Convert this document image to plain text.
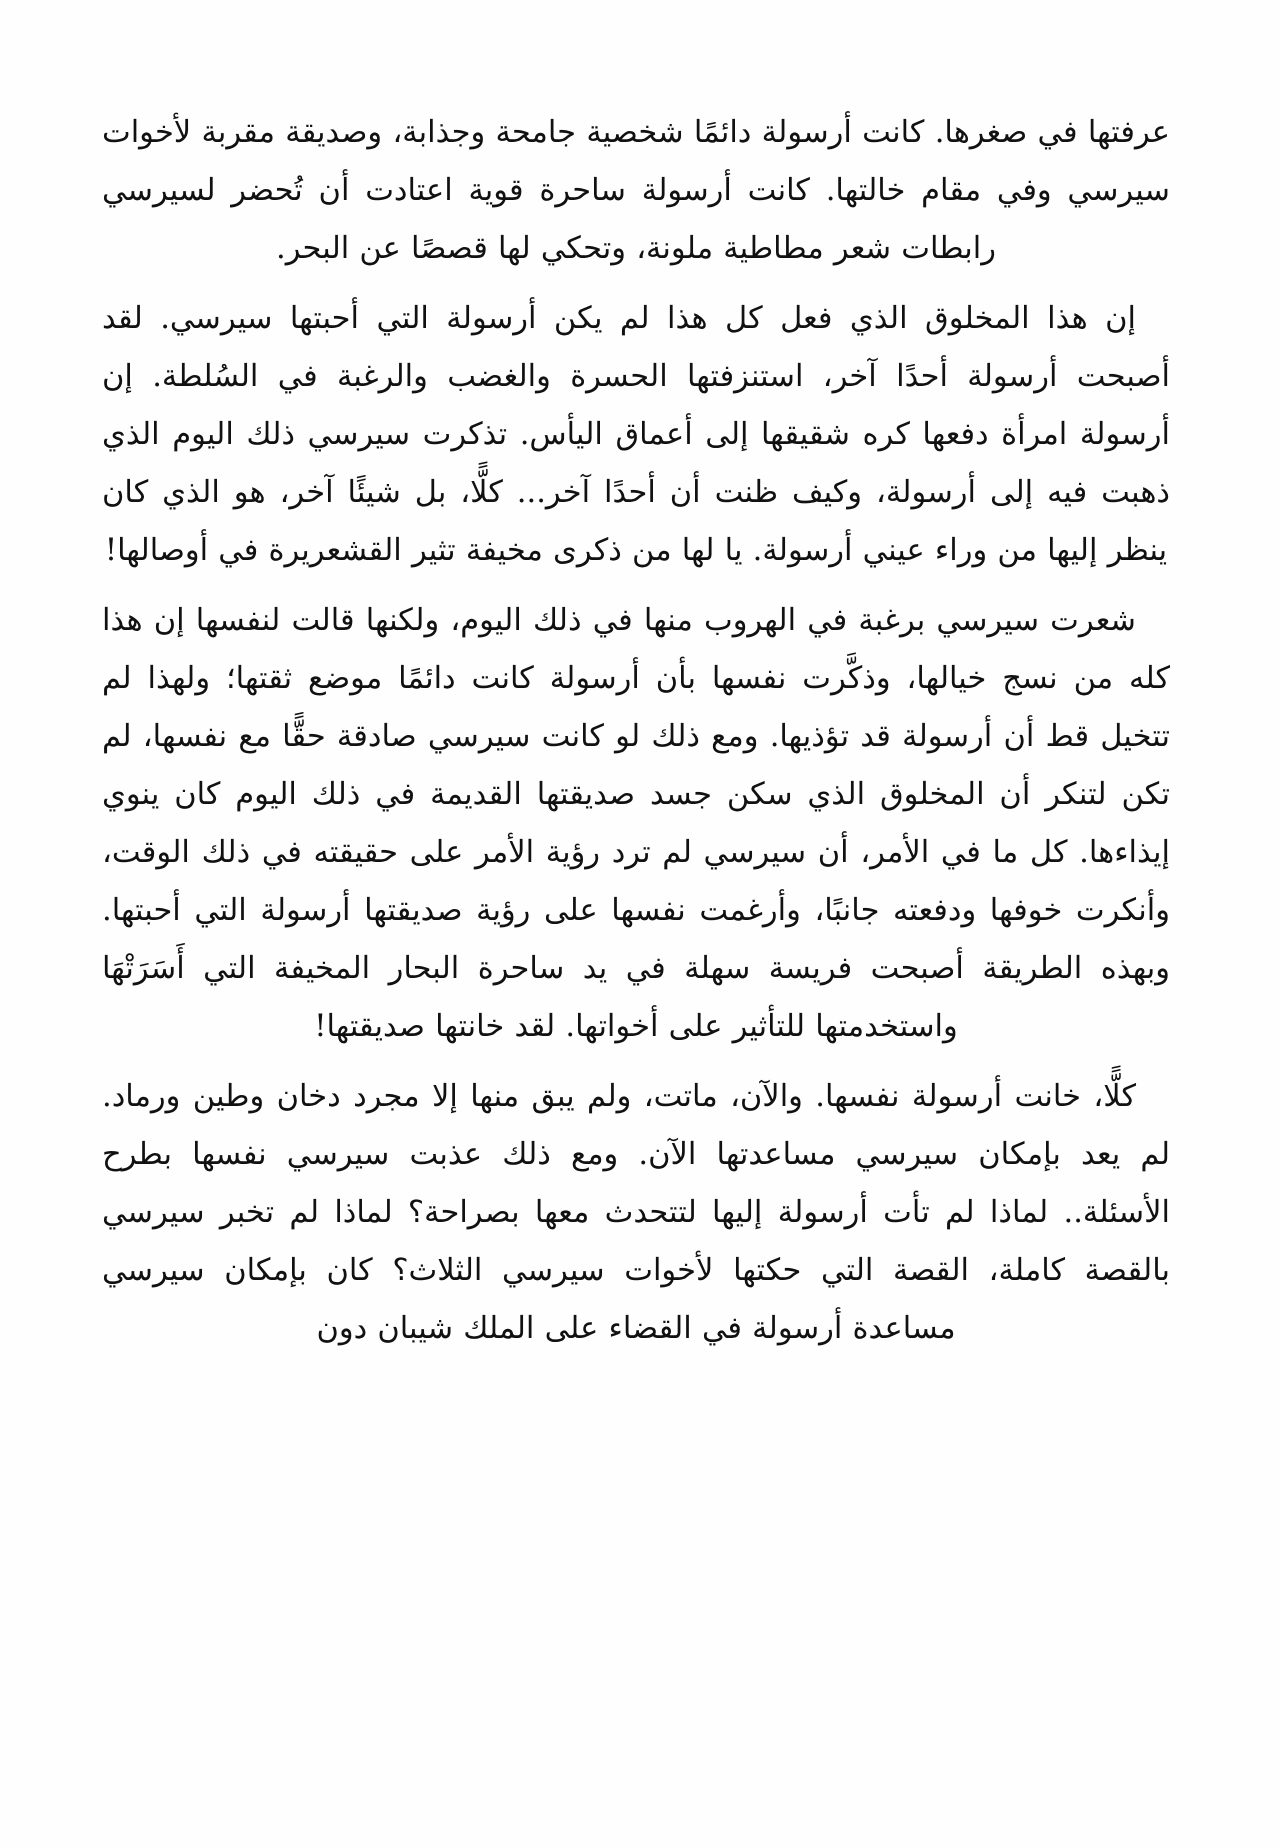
عرفتها في صغرها. كانت أرسولة دائمًا شخصية جامحة وجذابة، وصديقة مقربة لأخوات سيرسي وفي مقام خالتها. كانت أرسولة ساحرة قوية اعتادت أن تُحضر لسيرسي رابطات شعر مطاطية ملونة، وتحكي لها قصصًا عن البحر.

إن هذا المخلوق الذي فعل كل هذا لم يكن أرسولة التي أحبتها سيرسي. لقد أصبحت أرسولة أحدًا آخر، استنزفتها الحسرة والغضب والرغبة في السُلطة. إن أرسولة امرأة دفعها كره شقيقها إلى أعماق اليأس. تذكرت سيرسي ذلك اليوم الذي ذهبت فيه إلى أرسولة، وكيف ظنت أن أحدًا آخر... كلًّا، بل شيئًا آخر، هو الذي كان ينظر إليها من وراء عيني أرسولة. يا لها من ذكرى مخيفة تثير القشعريرة في أوصالها!

شعرت سيرسي برغبة في الهروب منها في ذلك اليوم، ولكنها قالت لنفسها إن هذا كله من نسج خيالها، وذكَّرت نفسها بأن أرسولة كانت دائمًا موضع ثقتها؛ ولهذا لم تتخيل قط أن أرسولة قد تؤذيها. ومع ذلك لو كانت سيرسي صادقة حقًّا مع نفسها، لم تكن لتنكر أن المخلوق الذي سكن جسد صديقتها القديمة في ذلك اليوم كان ينوي إيذاءها. كل ما في الأمر، أن سيرسي لم ترد رؤية الأمر على حقيقته في ذلك الوقت، وأنكرت خوفها ودفعته جانبًا، وأرغمت نفسها على رؤية صديقتها أرسولة التي أحبتها. وبهذه الطريقة أصبحت فريسة سهلة في يد ساحرة البحار المخيفة التي أَسَرَتْهَا واستخدمتها للتأثير على أخواتها. لقد خانتها صديقتها!

كلًّا، خانت أرسولة نفسها. والآن، ماتت، ولم يبق منها إلا مجرد دخان وطين ورماد. لم يعد بإمكان سيرسي مساعدتها الآن. ومع ذلك عذبت سيرسي نفسها بطرح الأسئلة.. لماذا لم تأت أرسولة إليها لتتحدث معها بصراحة؟ لماذا لم تخبر سيرسي بالقصة كاملة، القصة التي حكتها لأخوات سيرسي الثلاث؟ كان بإمكان سيرسي مساعدة أرسولة في القضاء على الملك شيبان دون
